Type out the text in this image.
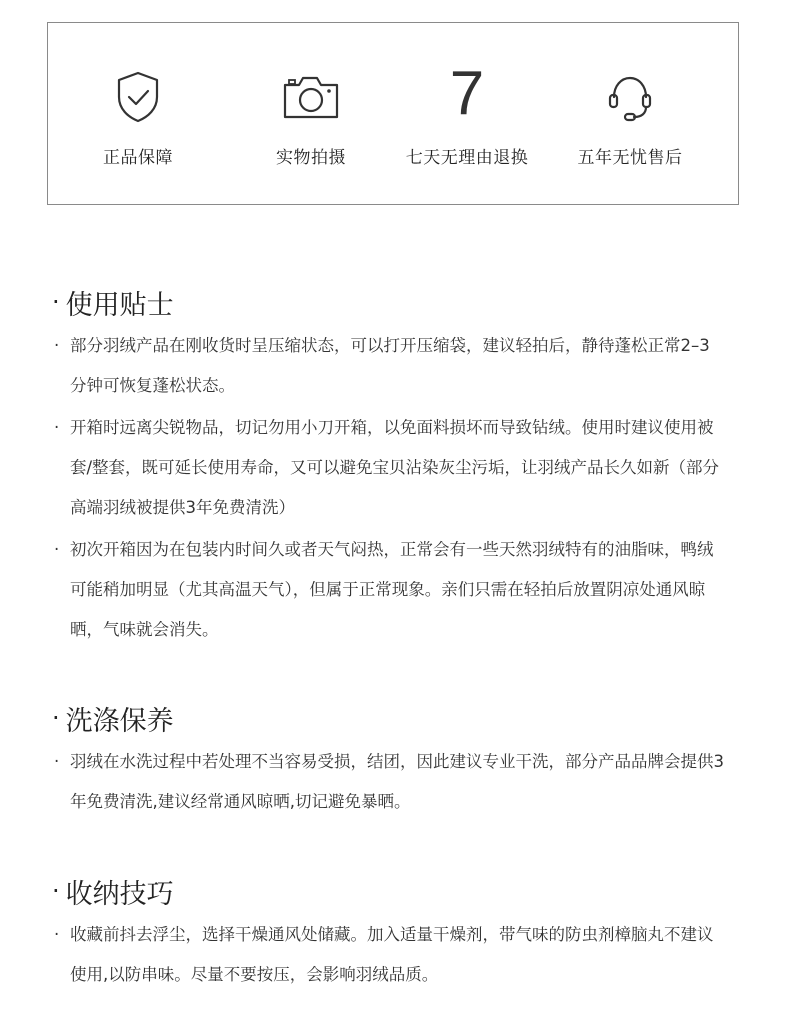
正品保障	实物拍摄
7
七天无理由退换	五年无忧售后
· 使用贴士
· 部分羽绒产品在刚收货时呈压缩状态，可以打开压缩袋，建议轻拍后，静待蓬松正常2–3分钟可恢复蓬松状态。
· 开箱时远离尖锐物品，切记勿用小刀开箱，以免面料损坏而导致钻绒。使用时建议使用被套/整套，既可延长使用寿命，又可以避免宝贝沾染灰尘污垢，让羽绒产品长久如新（部分高端羽绒被提供3年免费清洗）
· 初次开箱因为在包装内时间久或者天气闷热，正常会有一些天然羽绒特有的油脂味，鸭绒可能稍加明显（尤其高温天气），但属于正常现象。亲们只需在轻拍后放置阴凉处通风晾晒，气味就会消失。
· 洗涤保养
· 羽绒在水洗过程中若处理不当容易受损，结团，因此建议专业干洗，部分产品品牌会提供3年免费清洗,建议经常通风晾晒,切记避免暴晒。
· 收纳技巧
· 收藏前抖去浮尘，选择干燥通风处储藏。加入适量干燥剂，带气味的防虫剂樟脑丸不建议使用,以防串味。尽量不要按压，会影响羽绒品质。
